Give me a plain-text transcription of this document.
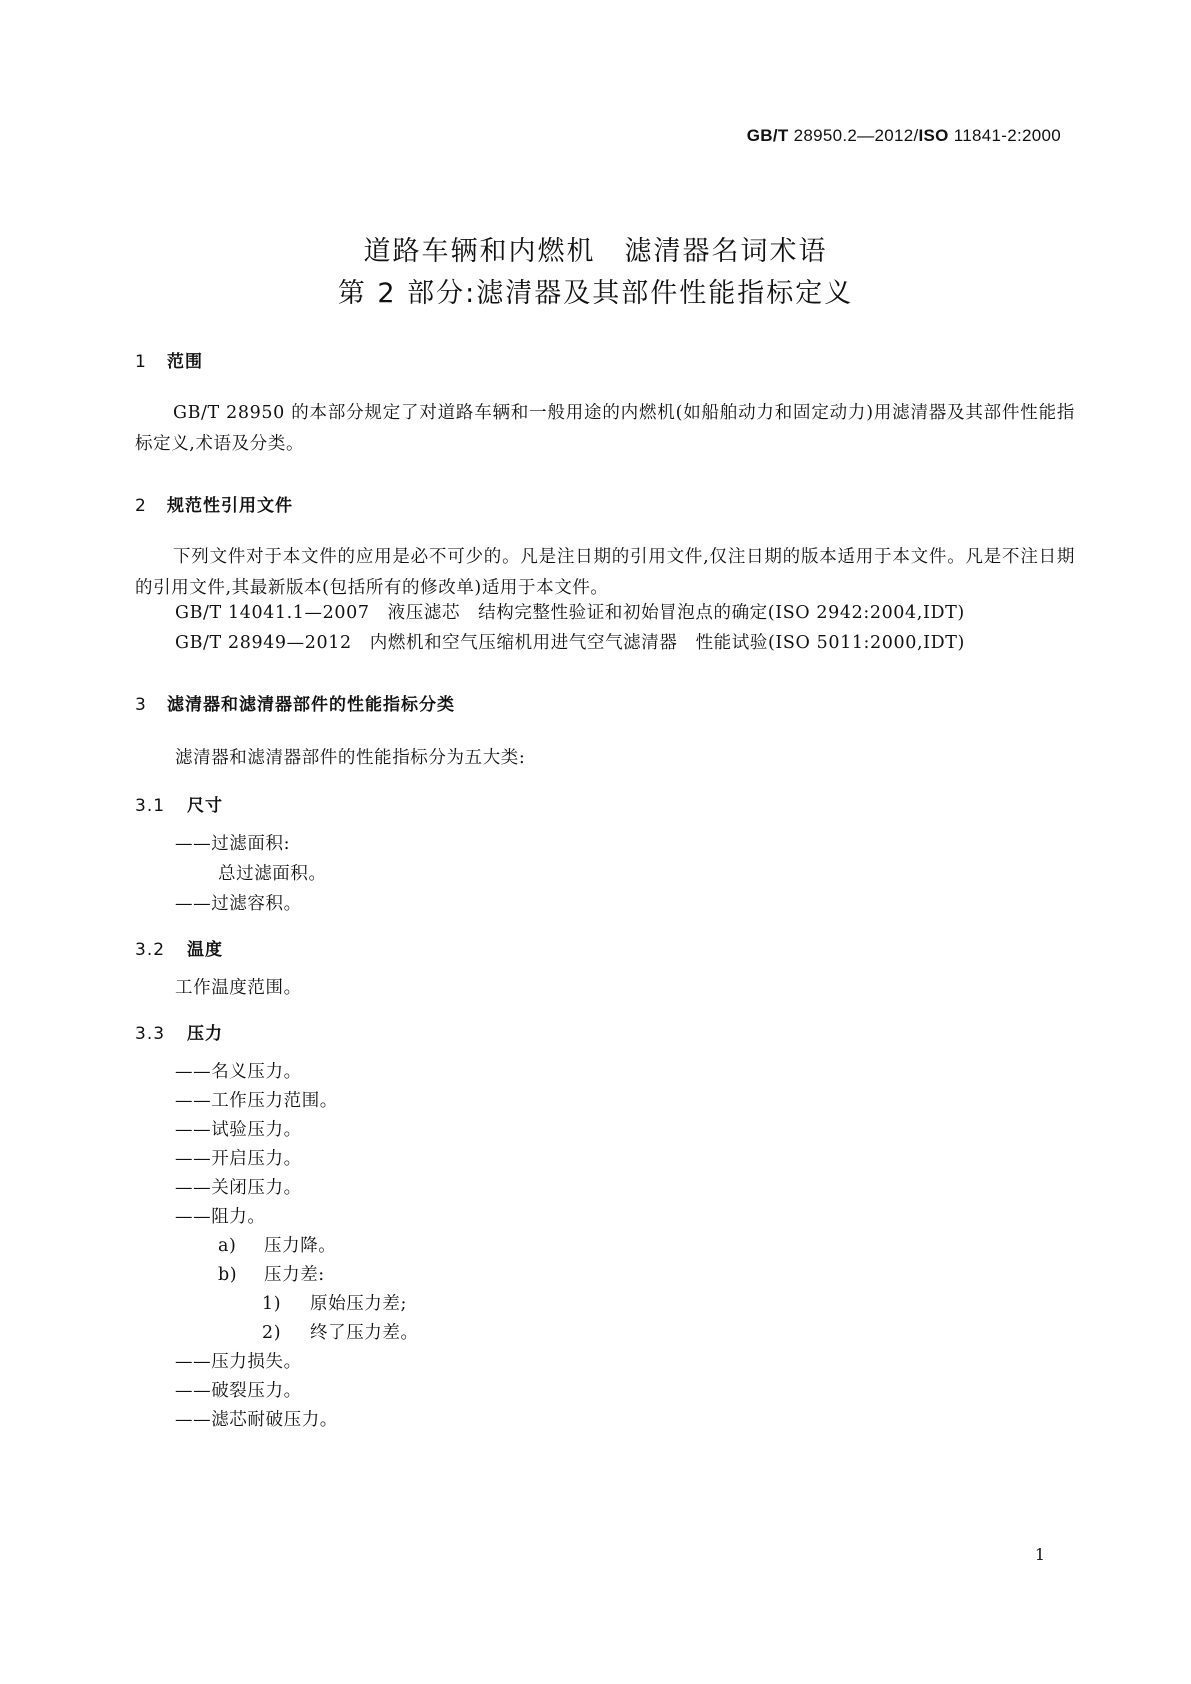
GB/T 28950.2—2012/ISO 11841-2:2000
道路车辆和内燃机　滤清器名词术语
第 2 部分:滤清器及其部件性能指标定义
1 范围
GB/T 28950 的本部分规定了对道路车辆和一般用途的内燃机(如船舶动力和固定动力)用滤清器及其部件性能指标定义,术语及分类。
2 规范性引用文件
下列文件对于本文件的应用是必不可少的。凡是注日期的引用文件,仅注日期的版本适用于本文件。凡是不注日期的引用文件,其最新版本(包括所有的修改单)适用于本文件。
GB/T 14041.1—2007　液压滤芯　结构完整性验证和初始冒泡点的确定(ISO 2942:2004,IDT)
GB/T 28949—2012　内燃机和空气压缩机用进气空气滤清器　性能试验(ISO 5011:2000,IDT)
3 滤清器和滤清器部件的性能指标分类
滤清器和滤清器部件的性能指标分为五大类:
3.1 尺寸
——过滤面积:
总过滤面积。
——过滤容积。
3.2 温度
工作温度范围。
3.3 压力
——名义压力。
——工作压力范围。
——试验压力。
——开启压力。
——关闭压力。
——阻力。
a) 压力降。
b) 压力差:
1) 原始压力差;
2) 终了压力差。
——压力损失。
——破裂压力。
——滤芯耐破压力。
1
